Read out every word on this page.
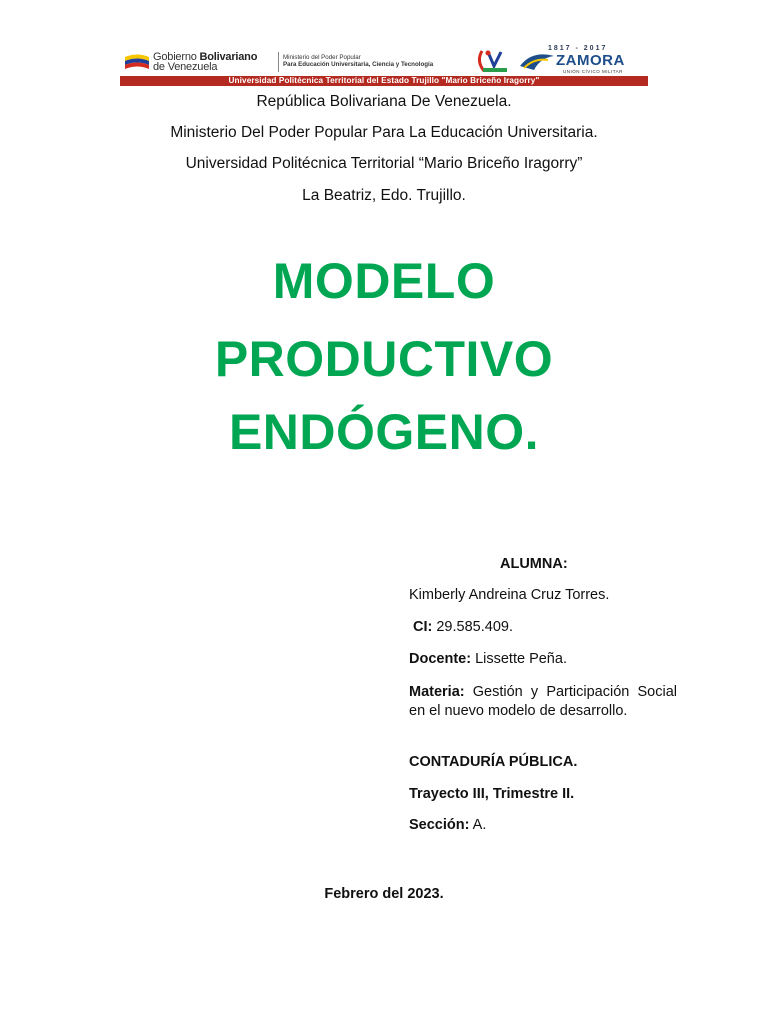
Gobierno Bolivariano
de Venezuela
Ministerio del Poder Popular
Para Educación Universitaria, Ciencia y Tecnología
1817 - 2017
ZAMORA
UNIÓN CÍVICO MILITAR
Universidad Politécnica Territorial del Estado Trujillo "Mario Briceño Iragorry"
República Bolivariana De Venezuela.
Ministerio Del Poder Popular Para La Educación Universitaria.
Universidad Politécnica Territorial “Mario Briceño Iragorry”
La Beatriz, Edo. Trujillo.
MODELO
PRODUCTIVO
ENDÓGENO.
ALUMNA:
Kimberly Andreina Cruz Torres.
CI: 29.585.409.
Docente: Lissette Peña.
Materia: Gestión y Participación Social en el nuevo modelo de desarrollo.
CONTADURÍA PÚBLICA.
Trayecto III, Trimestre II.
Sección: A.
Febrero del 2023.
